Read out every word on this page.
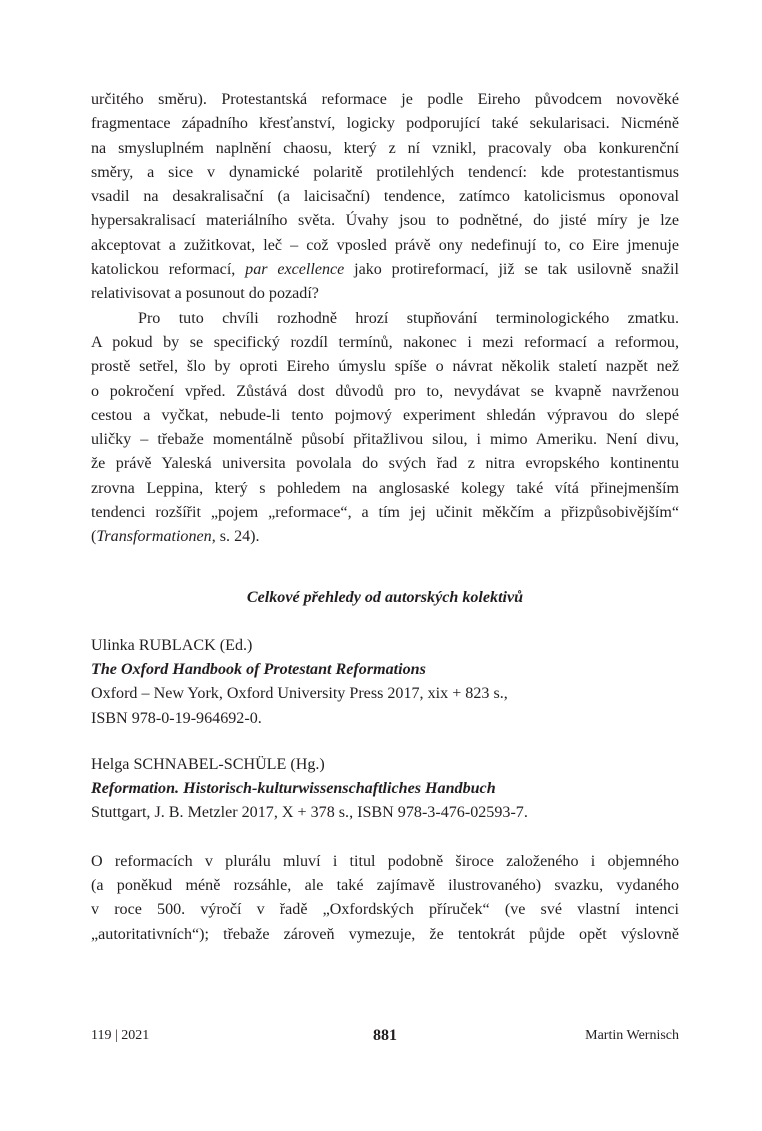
určitého směru). Protestantská reformace je podle Eireho původcem novověké
fragmentace západního křesťanství, logicky podporující také sekularisaci. Nicméně
na smysluplném naplnění chaosu, který z ní vznikl, pracovaly oba konkurenční
směry, a sice v dynamické polaritě protilehlých tendencí: kde protestantismus
vsadil na desakralisační (a laicisační) tendence, zatímco katolicismus oponoval
hypersakralisací materiálního světa. Úvahy jsou to podnětné, do jisté míry je lze
akceptovat a zužitkovat, leč – což vposled právě ony nedefinují to, co Eire jmenuje
katolickou reformací, par excellence jako protireformací, již se tak usilovně snažil
relativisovat a posunout do pozadí?

Pro tuto chvíli rozhodně hrozí stupňování terminologického zmatku.
A pokud by se specifický rozdíl termínů, nakonec i mezi reformací a reformou,
prostě setřel, šlo by oproti Eireho úmyslu spíše o návrat několik staletí nazpět než
o pokročení vpřed. Zůstává dost důvodů pro to, nevydávat se kvapně navrženou
cestou a vyčkat, nebude-li tento pojmový experiment shledán výpravou do slepé
uličky – třebaže momentálně působí přitažlivou silou, i mimo Ameriku. Není divu,
že právě Yaleská universita povolala do svých řad z nitra evropského kontinentu
zrovna Leppina, který s pohledem na anglosaské kolegy také vítá přinejmenším
tendenci rozšířit „pojem „reformace“, a tím jej učinit měkčím a přizpůsobivějším“
(Transformationen, s. 24).

Celkové přehledy od autorských kolektivů
Ulinka RUBLACK (Ed.)
The Oxford Handbook of Protestant Reformations
Oxford – New York, Oxford University Press 2017, xix + 823 s.,
ISBN 978-0-19-964692-0.
Helga SCHNABEL-SCHÜLE (Hg.)
Reformation. Historisch-kulturwissenschaftliches Handbuch
Stuttgart, J. B. Metzler 2017, X + 378 s., ISBN 978-3-476-02593-7.

O reformacích v plurálu mluví i titul podobně široce založeného i objemného
(a poněkud méně rozsáhle, ale také zajímavě ilustrovaného) svazku, vydaného
v roce 500. výročí v řadě „Oxfordských příruček“ (ve své vlastní intenci
„autoritativních“); třebaže zároveň vymezuje, že tentokrát půjde opět výslovně

119 | 2021	881	Martin Wernisch
